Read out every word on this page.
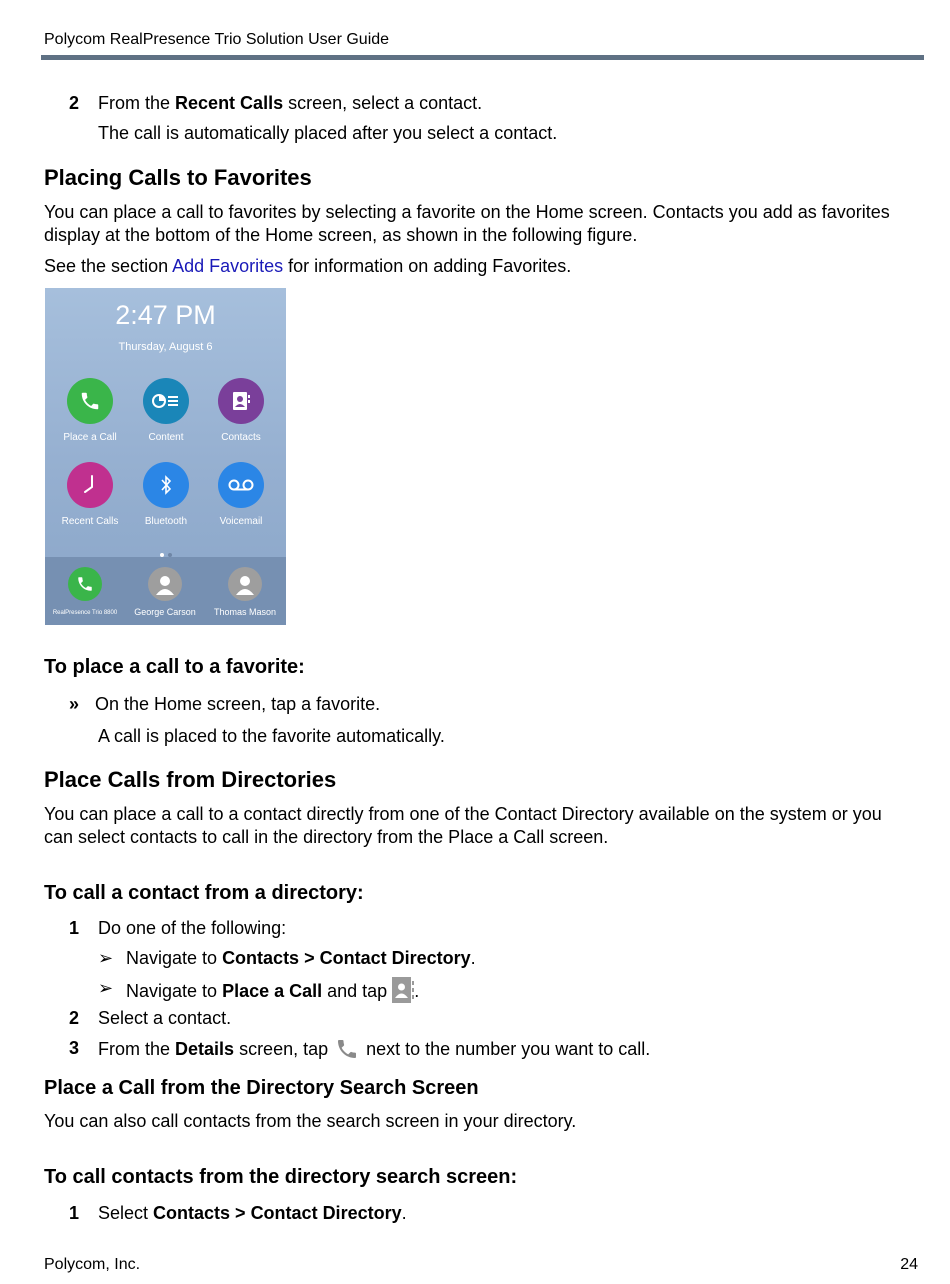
Polycom RealPresence Trio Solution User Guide
2 From the Recent Calls screen, select a contact.
The call is automatically placed after you select a contact.
Placing Calls to Favorites
You can place a call to favorites by selecting a favorite on the Home screen. Contacts you add as favorites
display at the bottom of the Home screen, as shown in the following figure.
See the section Add Favorites for information on adding Favorites.
2:47 PM
Thursday, August 6
Place a Call	Content	Contacts
Recent Calls	Bluetooth	Voicemail
RealPresence Trio 8800	George Carson	Thomas Mason
To place a call to a favorite:
» On the Home screen, tap a favorite.
A call is placed to the favorite automatically.
Place Calls from Directories
You can place a call to a contact directly from one of the Contact Directory available on the system or you
can select contacts to call in the directory from the Place a Call screen.
To call a contact from a directory:
1 Do one of the following:
➢ Navigate to Contacts > Contact Directory.
➢ Navigate to Place a Call and tap .
2 Select a contact.
3 From the Details screen, tap  next to the number you want to call.
Place a Call from the Directory Search Screen
You can also call contacts from the search screen in your directory.
To call contacts from the directory search screen:
1 Select Contacts > Contact Directory.
Polycom, Inc.	24
